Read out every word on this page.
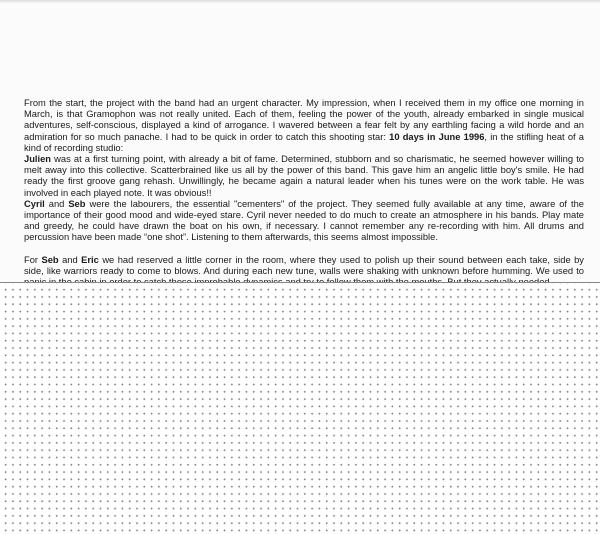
From the start, the project with the band had an urgent character. My impression, when I received them in my office one morning in March, is that Gramophon was not really united. Each of them, feeling the power of the youth, already embarked in single musical adventures, self-conscious, displayed a kind of arrogance. I wavered between a fear felt by any earthling facing a wild horde and an admiration for so much panache. I had to be quick in order to catch this shooting star: 10 days in June 1996, in the stifling heat of a kind of recording studio:

Julien was at a first turning point, with already a bit of fame. Determined, stubborn and so charismatic, he seemed however willing to melt away into this collective. Scatterbrained like us all by the power of this band. This gave him an angelic little boy's smile. He had ready the first groove gang rehash. Unwillingly, he became again a natural leader when his tunes were on the work table. He was involved in each played note. It was obvious!!

Cyril and Seb were the labourers, the essential "cementers" of the project. They seemed fully available at any time, aware of the importance of their good mood and wide-eyed stare. Cyril never needed to do much to create an atmosphere in his bands. Play mate and greedy, he could have drawn the boat on his own, if necessary. I cannot remember any re-recording with him. All drums and percussion have been made “one shot”. Listening to them afterwards, this seems almost impossible.

For Seb and Eric we had reserved a little corner in the room, where they used to polish up their sound between each take, side by side, like warriors ready to come to blows. And during each new tune, walls were shaking with unknown before humming. We used to
